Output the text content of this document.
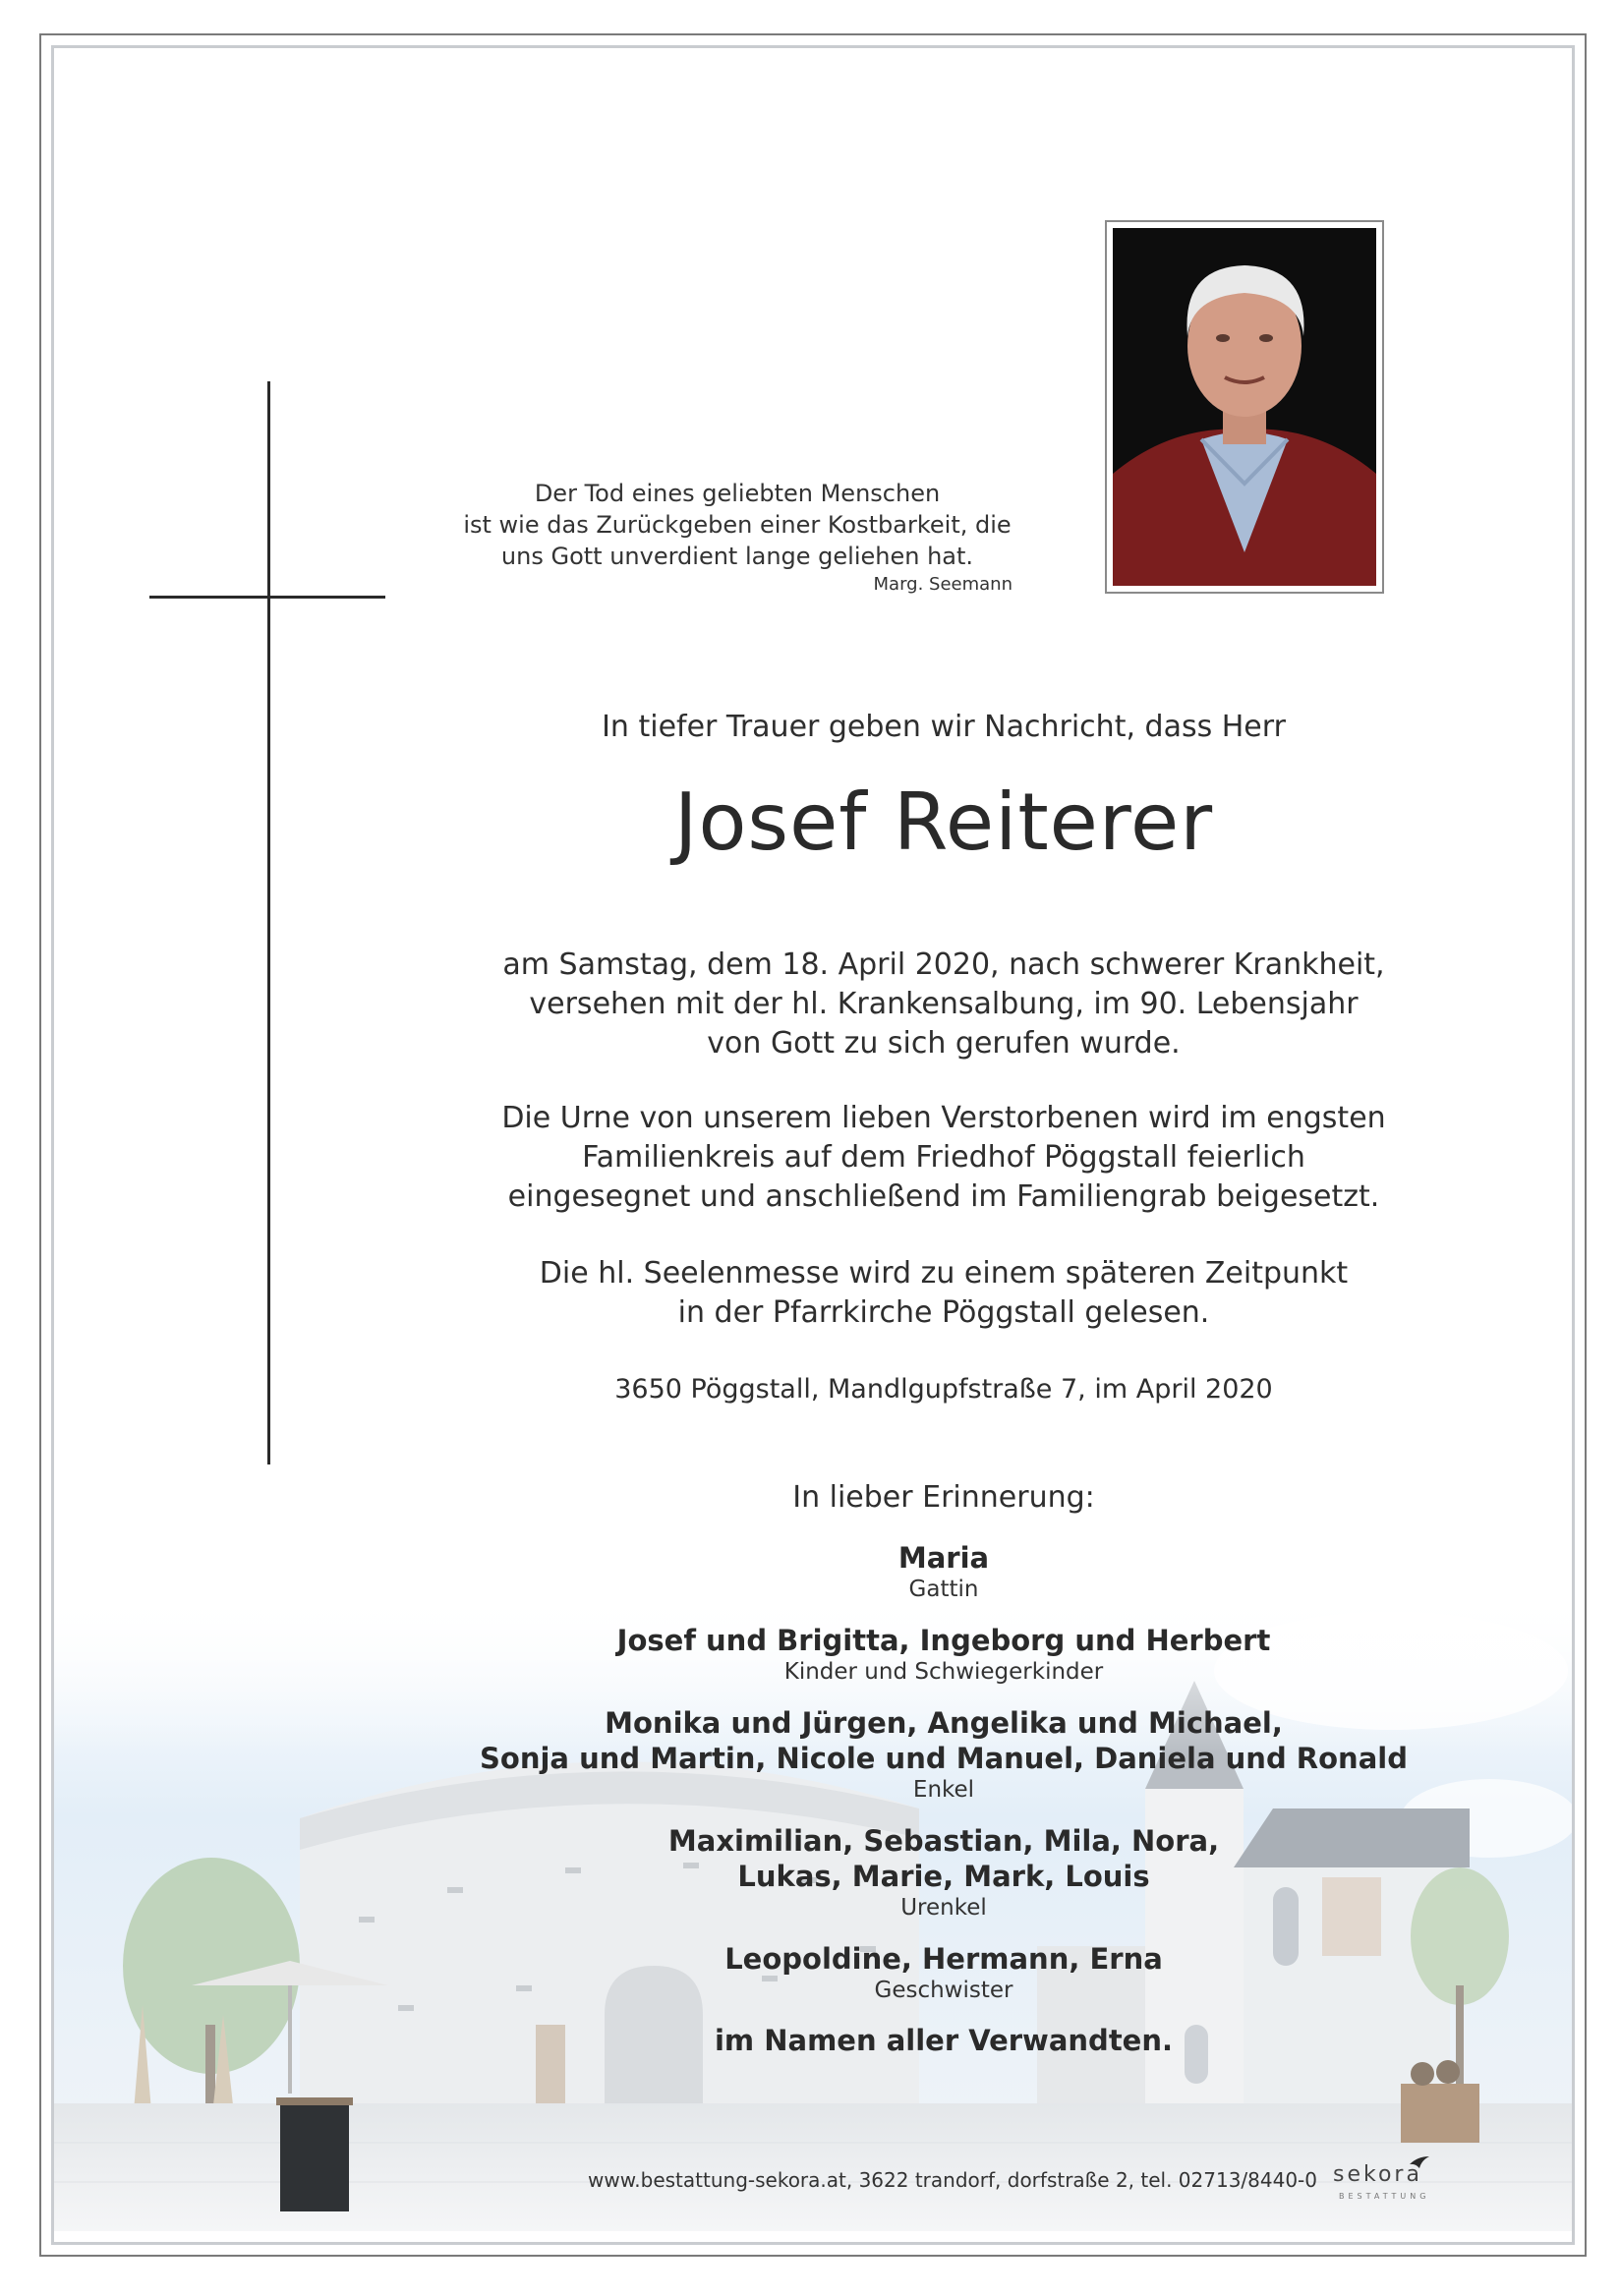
Der Tod eines geliebten Menschen
ist wie das Zurückgeben einer Kostbarkeit, die
uns Gott unverdient lange geliehen hat.
Marg. Seemann
In tiefer Trauer geben wir Nachricht, dass Herr
Josef Reiterer
am Samstag, dem 18. April 2020, nach schwerer Krankheit,
versehen mit der hl. Krankensalbung, im 90. Lebensjahr
von Gott zu sich gerufen wurde.
Die Urne von unserem lieben Verstorbenen wird im engsten
Familienkreis auf dem Friedhof Pöggstall feierlich
eingesegnet und anschließend im Familiengrab beigesetzt.
Die hl. Seelenmesse wird zu einem späteren Zeitpunkt
in der Pfarrkirche Pöggstall gelesen.
3650 Pöggstall, Mandlgupfstraße 7, im April 2020
In lieber Erinnerung:
Maria
Gattin
Josef und Brigitta, Ingeborg und Herbert
Kinder und Schwiegerkinder
Monika und Jürgen, Angelika und Michael,
Sonja und Martin, Nicole und Manuel, Daniela und Ronald
Enkel
Maximilian, Sebastian, Mila, Nora,
Lukas, Marie, Mark, Louis
Urenkel
Leopoldine, Hermann, Erna
Geschwister
im Namen aller Verwandten.
www.bestattung-sekora.at, 3622 trandorf, dorfstraße 2, tel. 02713/8440-0 sekora
BESTATTUNG
